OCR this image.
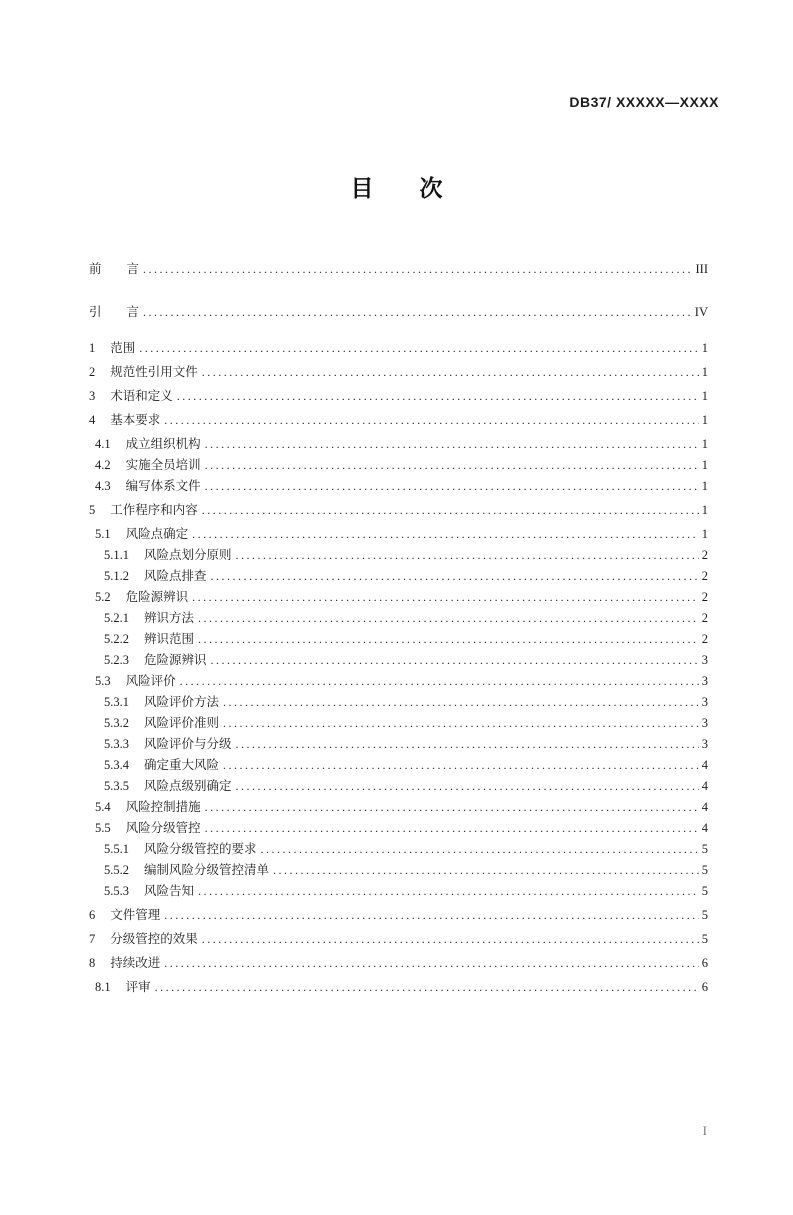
DB37/ XXXXX—XXXX
目　　次
前　　言 .....	III
引　　言 .....	IV
1 范围 .....	1
2 规范性引用文件 .....	1
3 术语和定义 .....	1
4 基本要求 .....	1
4.1 成立组织机构 .....	1
4.2 实施全员培训 .....	1
4.3 编写体系文件 .....	1
5 工作程序和内容 .....	1
5.1 风险点确定 .....	1
5.1.1 风险点划分原则 .....	2
5.1.2 风险点排查 .....	2
5.2 危险源辨识 .....	2
5.2.1 辨识方法 .....	2
5.2.2 辨识范围 .....	2
5.2.3 危险源辨识 .....	3
5.3 风险评价 .....	3
5.3.1 风险评价方法 .....	3
5.3.2 风险评价准则 .....	3
5.3.3 风险评价与分级 .....	3
5.3.4 确定重大风险 .....	4
5.3.5 风险点级别确定 .....	4
5.4 风险控制措施 .....	4
5.5 风险分级管控 .....	4
5.5.1 风险分级管控的要求 .....	5
5.5.2 编制风险分级管控清单 .....	5
5.5.3 风险告知 .....	5
6 文件管理 .....	5
7 分级管控的效果 .....	5
8 持续改进 .....	6
8.1 评审 .....	6
I
